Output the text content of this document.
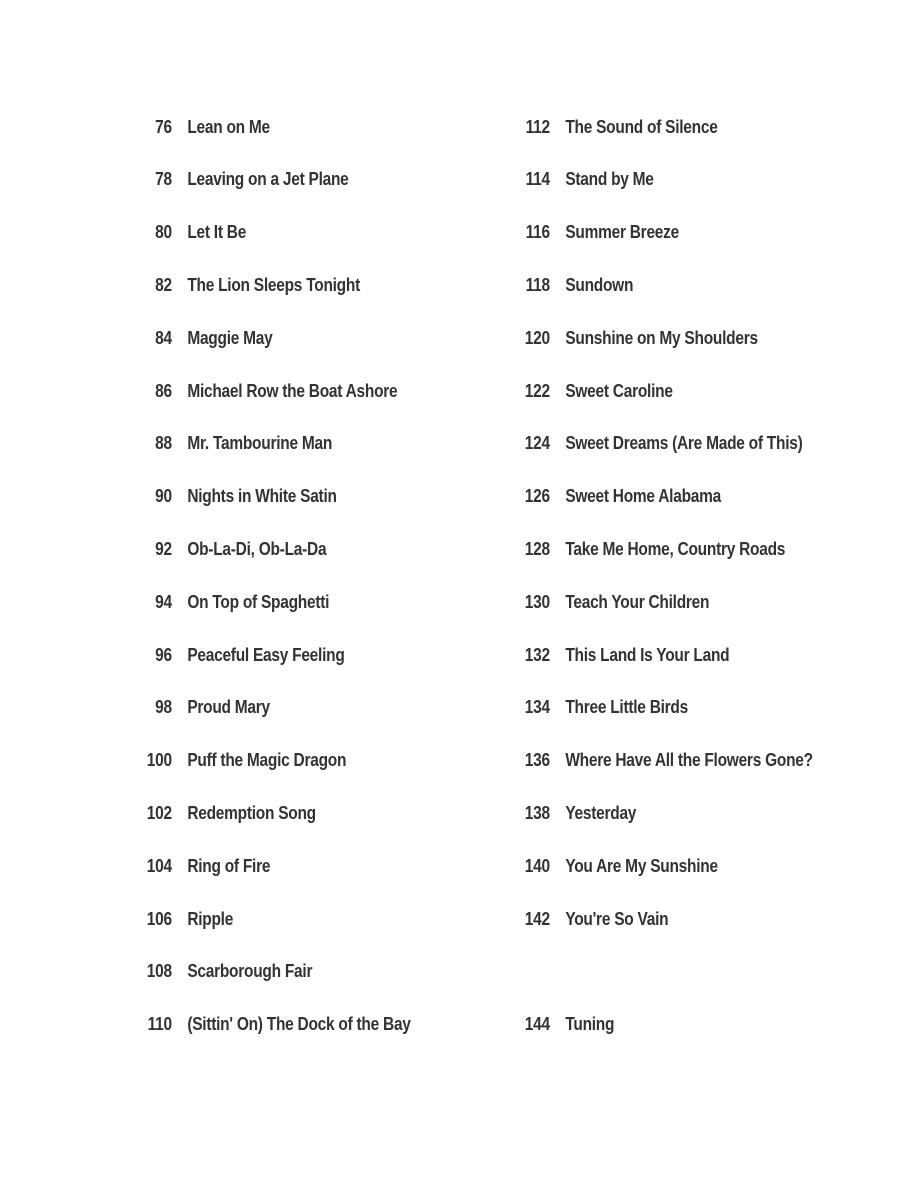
76 Lean on Me
78 Leaving on a Jet Plane
80 Let It Be
82 The Lion Sleeps Tonight
84 Maggie May
86 Michael Row the Boat Ashore
88 Mr. Tambourine Man
90 Nights in White Satin
92 Ob-La-Di, Ob-La-Da
94 On Top of Spaghetti
96 Peaceful Easy Feeling
98 Proud Mary
100 Puff the Magic Dragon
102 Redemption Song
104 Ring of Fire
106 Ripple
108 Scarborough Fair
110 (Sittin' On) The Dock of the Bay
112 The Sound of Silence
114 Stand by Me
116 Summer Breeze
118 Sundown
120 Sunshine on My Shoulders
122 Sweet Caroline
124 Sweet Dreams (Are Made of This)
126 Sweet Home Alabama
128 Take Me Home, Country Roads
130 Teach Your Children
132 This Land Is Your Land
134 Three Little Birds
136 Where Have All the Flowers Gone?
138 Yesterday
140 You Are My Sunshine
142 You're So Vain
144 Tuning
